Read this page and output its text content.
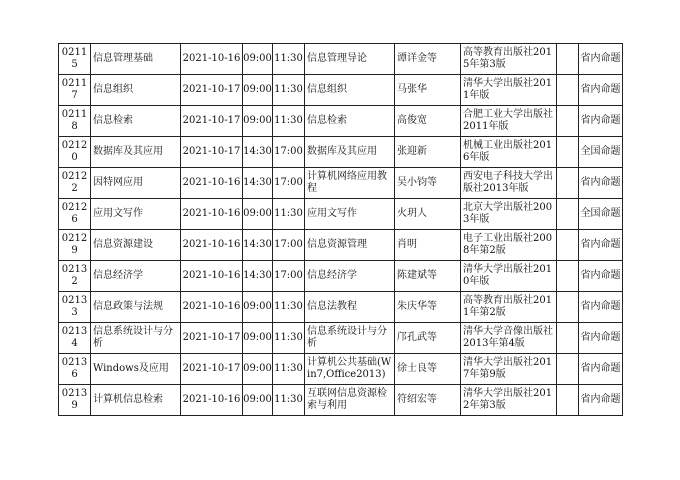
02115	信息管理基础	2021-10-16	09:00	11:30	信息管理导论	谭详金等	高等教育出版社2015年第3版		省内命题
02117	信息组织	2021-10-17	09:00	11:30	信息组织	马张华	清华大学出版社2011年版		省内命题
02118	信息检索	2021-10-17	09:00	11:30	信息检索	高俊宽	合肥工业大学出版社2011年版		省内命题
02120	数据库及其应用	2021-10-17	14:30	17:00	数据库及其应用	张迎新	机械工业出版社2016年版		全国命题
02122	因特网应用	2021-10-16	14:30	17:00	计算机网络应用教程	吴小钧等	西安电子科技大学出版社2013年版		省内命题
02126	应用文写作	2021-10-16	09:00	11:30	应用文写作	火玥人	北京大学出版社2003年版		全国命题
02129	信息资源建设	2021-10-16	14:30	17:00	信息资源管理	肖明	电子工业出版社2008年第2版		省内命题
02132	信息经济学	2021-10-16	14:30	17:00	信息经济学	陈建斌等	清华大学出版社2010年版		省内命题
02133	信息政策与法规	2021-10-16	09:00	11:30	信息法教程	朱庆华等	高等教育出版社2011年第2版		省内命题
02134	信息系统设计与分析	2021-10-17	09:00	11:30	信息系统设计与分析	邝孔武等	清华大学音像出版社2013年第4版		省内命题
02136	Windows及应用	2021-10-17	09:00	11:30	计算机公共基础(Win7,Office2013)	徐士良等	清华大学出版社2017年第9版		省内命题
02139	计算机信息检索	2021-10-16	09:00	11:30	互联网信息资源检索与利用	符绍宏等	清华大学出版社2012年第3版		省内命题
